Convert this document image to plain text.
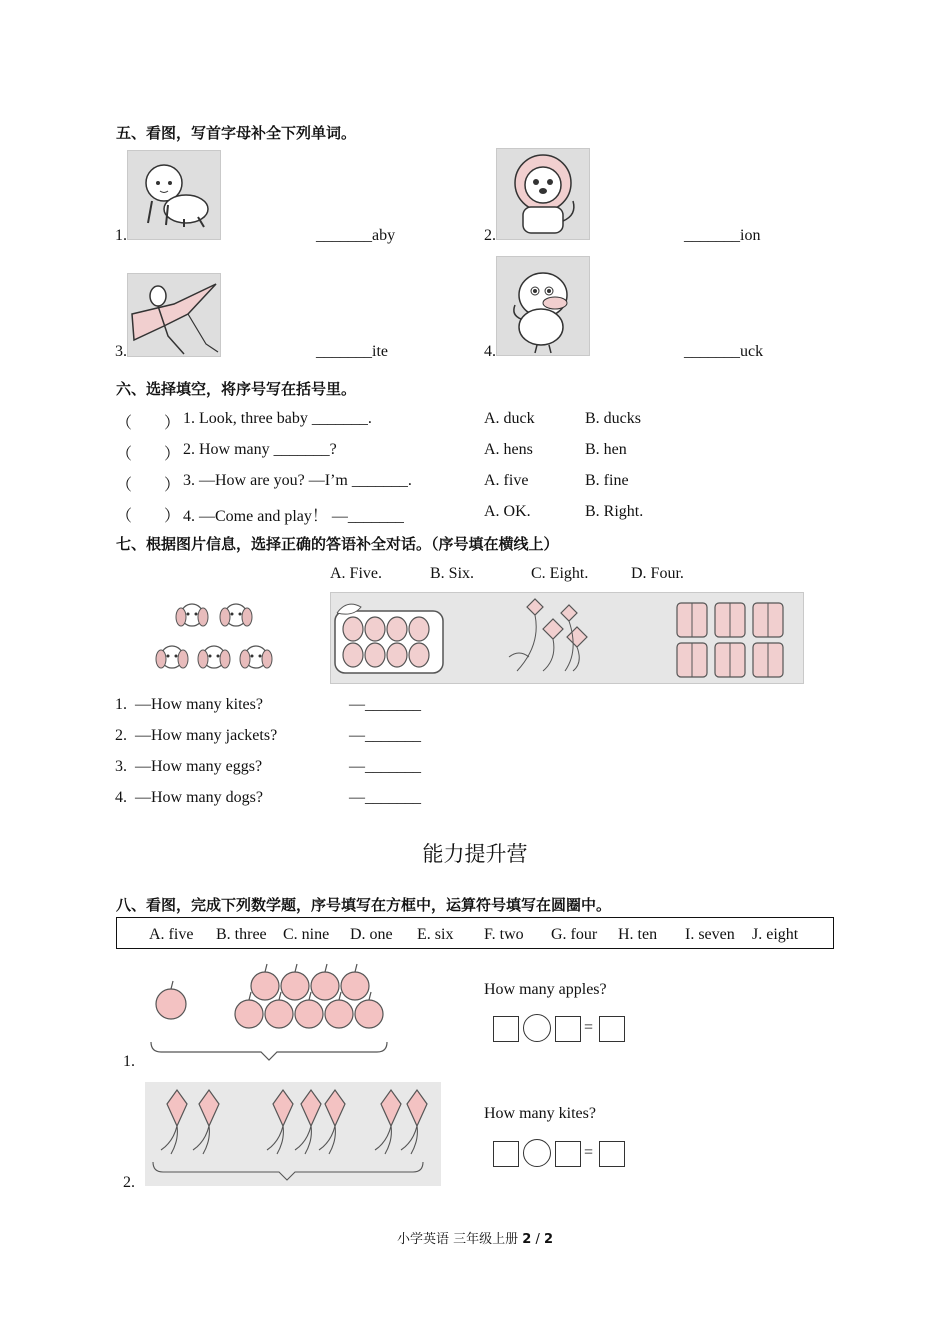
五、看图，写首字母补全下列单词。
1.	_______aby	2.	_______ion
3.	_______ite	4.	_______uck
六、选择填空，将序号写在括号里。
（　　） 1. Look, three baby _______.	A. duck	B. ducks
（　　） 2. How many _______?	A. hens	B. hen
（　　） 3. —How are you? —I’m _______.	A. five	B. fine
（　　） 4. —Come and play！ —_______	A. OK.	B. Right.
七、根据图片信息，选择正确的答语补全对话。（序号填在横线上）
A. Five.	B. Six.	C. Eight.	D. Four.
1. —How many kites?	—_______
2. —How many jackets?	—_______
3. —How many eggs?	—_______
4. —How many dogs?	—_______
能力提升营
八、看图，完成下列数学题，序号填写在方框中，运算符号填写在圆圈中。
A. five B. three C. nine D. one E. six F. two G. four H. ten I. seven J. eight
1.
How many apples?
=
2.
How many kites?
=
小学英语 三年级上册 2 / 2
